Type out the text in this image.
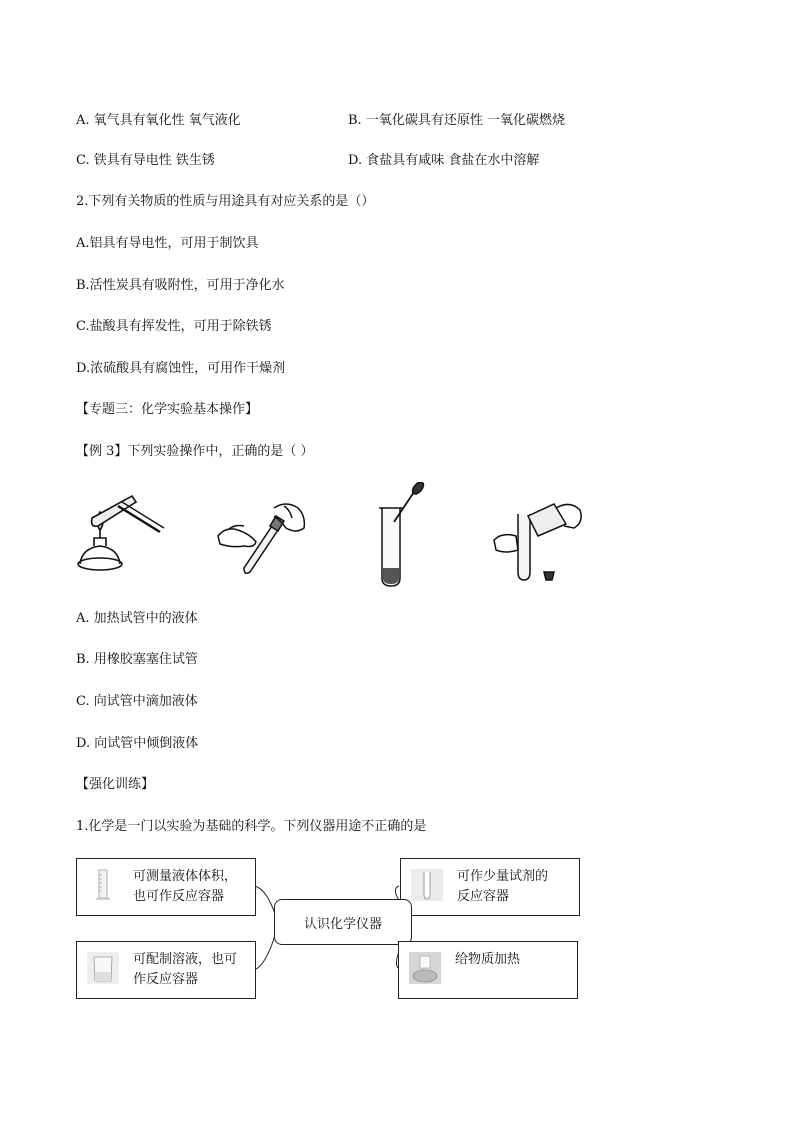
A. 氧气具有氧化性 氧气液化	B. 一氧化碳具有还原性 一氧化碳燃烧
C. 铁具有导电性 铁生锈	D. 食盐具有咸味 食盐在水中溶解
2.下列有关物质的性质与用途具有对应关系的是（）
A.铝具有导电性，可用于制饮具
B.活性炭具有吸附性，可用于净化水
C.盐酸具有挥发性，可用于除铁锈
D.浓硫酸具有腐蚀性，可用作干燥剂
【专题三：化学实验基本操作】
【例 3】下列实验操作中，正确的是（ ）
A. 加热试管中的液体
B. 用橡胶塞塞住试管
C. 向试管中滴加液体
D. 向试管中倾倒液体
【强化训练】
1.化学是一门以实验为基础的科学。下列仪器用途不正确的是
可测量液体体积，
也可作反应容器
可作少量试剂的
反应容器
认识化学仪器
可配制溶液，也可
作反应容器
给物质加热
